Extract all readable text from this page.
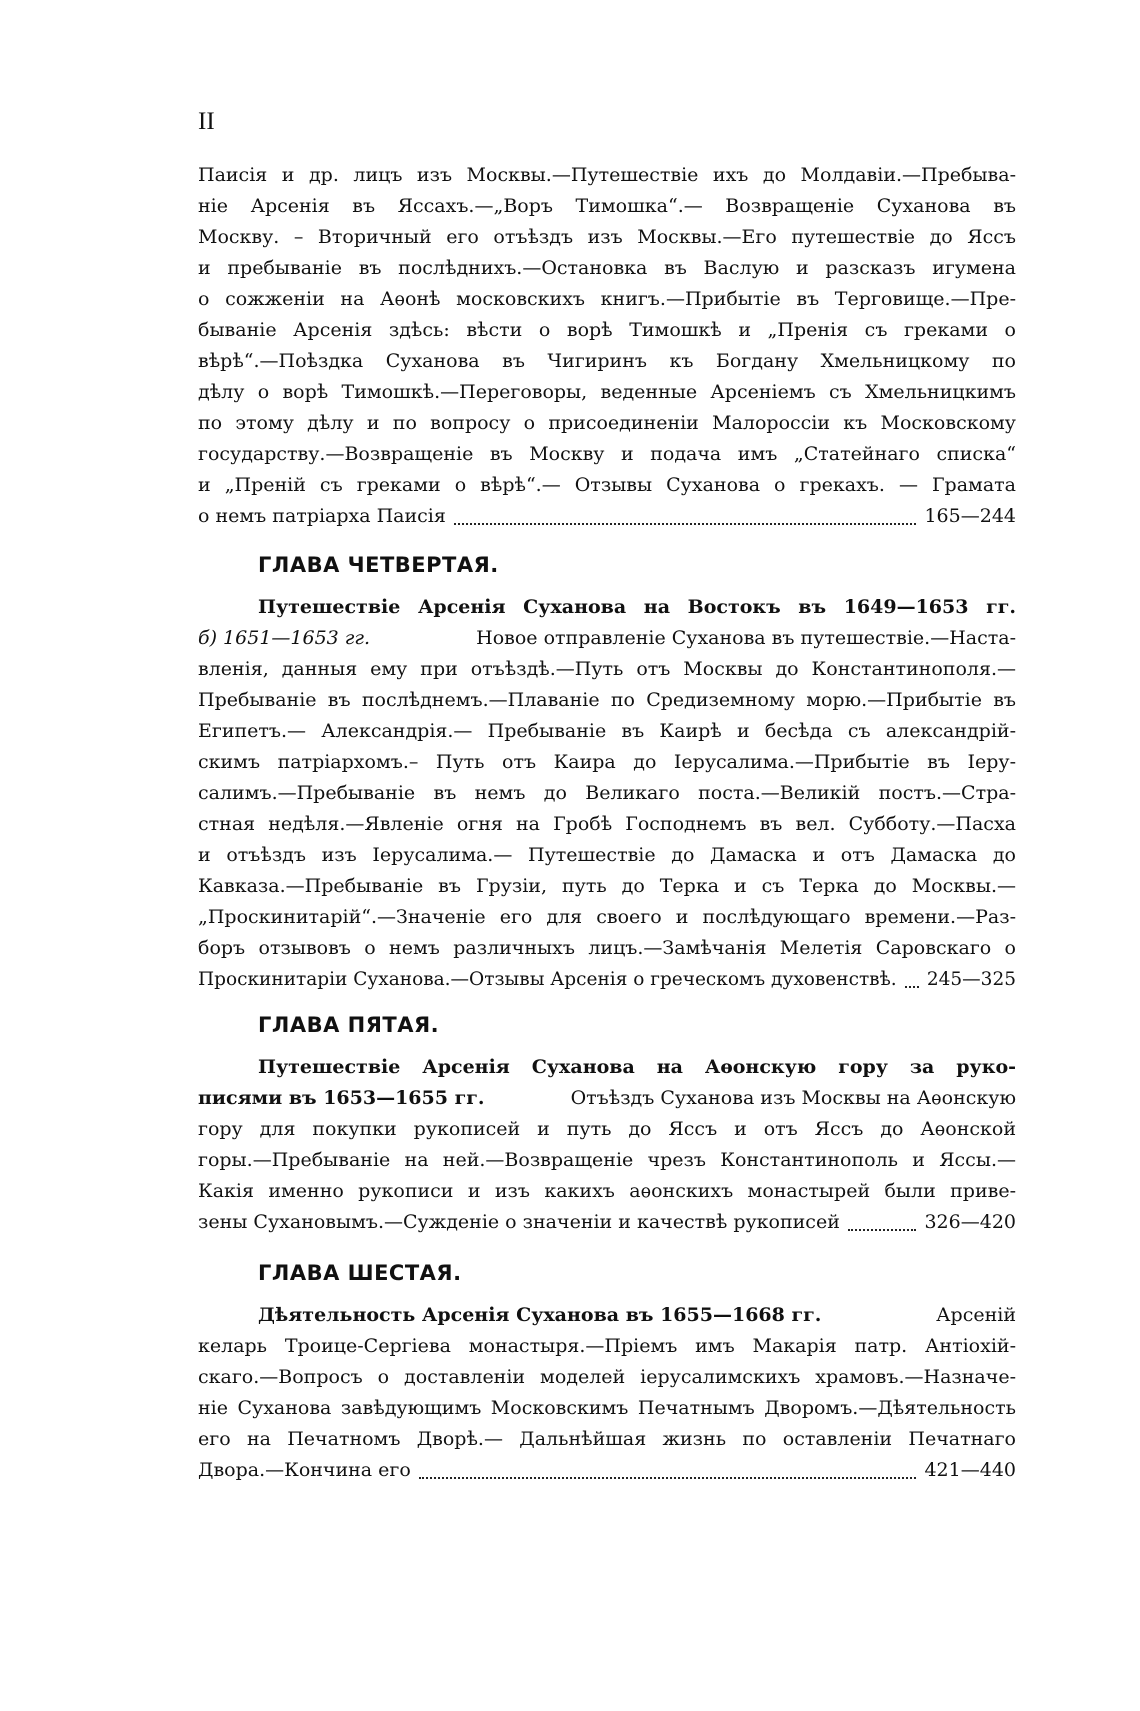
II
Паисія и др. лицъ изъ Москвы.—Путешествіе ихъ до Молдавіи.—Пребыва-
ніе Арсенія въ Яссахъ.—„Воръ Тимошка“.— Возвращеніе Суханова въ
Москву. – Вторичный его отъѣздъ изъ Москвы.—Его путешествіе до Яссъ
и пребываніе въ послѣднихъ.—Остановка въ Васлую и разсказъ игумена
о сожженіи на Аѳонѣ московскихъ книгъ.—Прибытіе въ Терговище.—Пре-
быванiе Арсенія здѣсь: вѣсти о ворѣ Тимошкѣ и „Пренія съ греками о
вѣрѣ“.—Поѣздка Суханова въ Чигиринъ къ Богдану Хмельницкому по
дѣлу о ворѣ Тимошкѣ.—Переговоры, веденные Арсеніемъ съ Хмельницкимъ
по этому дѣлу и по вопросу о присоединеніи Малороссіи къ Московскому
государству.—Возвращеніе въ Москву и подача имъ „Статейнаго списка“
и „Преній съ греками о вѣрѣ“.— Отзывы Суханова о грекахъ. — Грамата
о немъ патріарха Паисія	165—244
ГЛАВА ЧЕТВЕРТАЯ.
Путешествіе Арсенія Суханова на Востокъ въ 1649—1653 гг.
б) 1651—1653 гг.	Новое отправленіе Суханова въ путешествіе.—Наста-
вленія, данныя ему при отъѣздѣ.—Путь отъ Москвы до Константинополя.—
Пребываніе въ послѣднемъ.—Плаваніе по Средиземному морю.—Прибытіе въ
Египетъ.— Александрія.— Пребываніе въ Каирѣ и бесѣда съ александрій-
скимъ патріархомъ.– Путь отъ Каира до Іерусалима.—Прибытіе въ Іеру-
салимъ.—Пребываніе въ немъ до Великаго поста.—Великій постъ.—Стра-
стная недѣля.—Явленіе огня на Гробѣ Господнемъ въ вел. Субботу.—Пасха
и отъѣздъ изъ Іерусалима.— Путешествіе до Дамаска и отъ Дамаска до
Кавказа.—Пребываніе въ Грузіи, путь до Терка и съ Терка до Москвы.—
„Проскинитарій“.—Значеніе его для своего и послѣдующаго времени.—Раз-
боръ отзывовъ о немъ различныхъ лицъ.—Замѣчанія Мелетія Саровскаго о
Проскинитаріи Суханова.—Отзывы Арсенія о греческомъ духовенствѣ. 245—325
ГЛАВА ПЯТАЯ.
Путешествіе Арсенія Суханова на Аѳонскую гору за руко-
писями въ 1653—1655 гг.	Отъѣздъ Суханова изъ Москвы на Аѳонскую
гору для покупки рукописей и путь до Яссъ и отъ Яссъ до Аѳонской
горы.—Пребываніе на ней.—Возвращеніе чрезъ Константинополь и Яссы.—
Какія именно рукописи и изъ какихъ аѳонскихъ монастырей были приве-
зены Сухановымъ.—Сужденіе о значеніи и качествѣ рукописей	326—420
ГЛАВА ШЕСТАЯ.
Дѣятельность Арсенія Суханова въ 1655—1668 гг.	Арсеній
келарь Троице-Сергіева монастыря.—Пріемъ имъ Макарія патр. Антіохій-
скаго.—Вопросъ о доставленіи моделей іерусалимскихъ храмовъ.—Назначе-
ніе Суханова завѣдующимъ Московскимъ Печатнымъ Дворомъ.—Дѣятельность
его на Печатномъ Дворѣ.— Дальнѣйшая жизнь по оставленіи Печатнаго
Двора.—Кончина его	421—440
